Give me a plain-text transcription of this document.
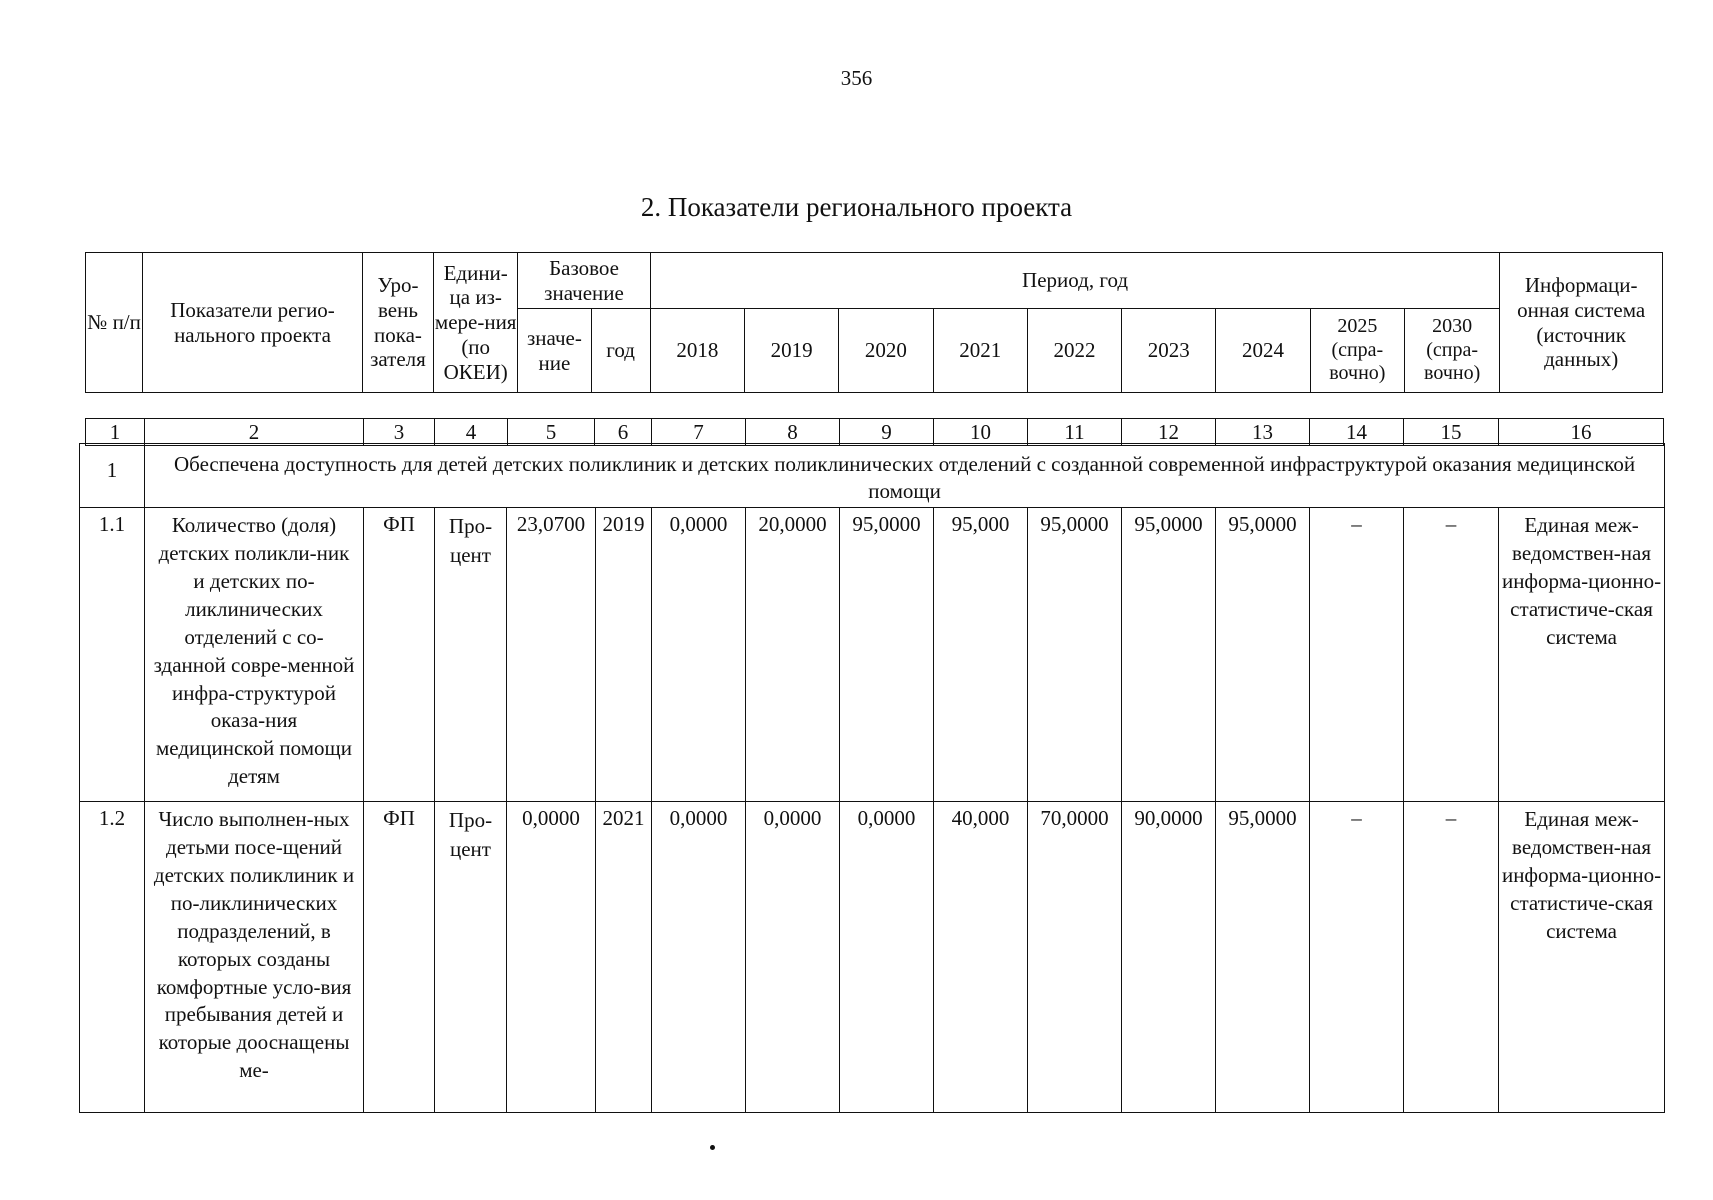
356
2. Показатели регионального проекта
№ п/п	Показатели регио-нального проекта	Уро-вень пока-зателя	Едини-ца из-мере-ния (по ОКЕИ)	Базовое значение		Период, год									Информаци-онная система (источник данных)
				значе-ние	год	2018	2019	2020	2021	2022	2023	2024	2025 (спра-вочно)	2030 (спра-вочно)	
1	2	3	4	5	6	7	8	9	10	11	12	13	14	15	16
1	Обеспечена доступность для детей детских поликлиник и детских поликлинических отделений с созданной современной инфраструктурой оказания медицинской помощи														
1.1	Количество (доля) детских поликли-ник и детских по-ликлинических отделений с со-зданной совре-менной инфра-структурой оказа-ния медицинской помощи детям	ФП	Про-цент	23,0700	2019	0,0000	20,0000	95,0000	95,000	95,0000	95,0000	95,0000	–	–	Единая меж-ведомствен-ная информа-ционно-статистиче-ская система
1.2	Число выполнен-ных детьми посе-щений детских поликлиник и по-ликлинических подразделений, в которых созданы комфортные усло-вия пребывания детей и которые дооснащены ме-	ФП	Про-цент	0,0000	2021	0,0000	0,0000	0,0000	40,000	70,0000	90,0000	95,0000	–	–	Единая меж-ведомствен-ная информа-ционно-статистиче-ская система
